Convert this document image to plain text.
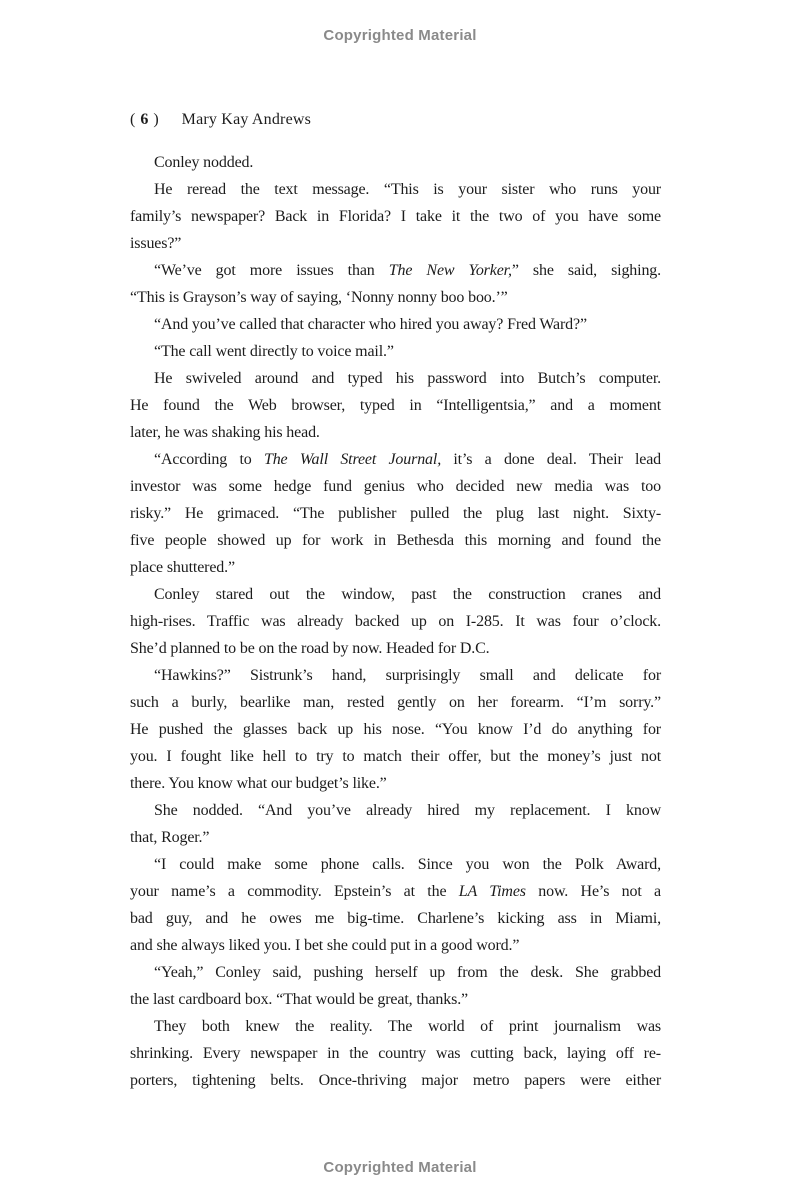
Copyrighted Material
( 6 ) Mary Kay Andrews
Conley nodded.
He reread the text message. “This is your sister who runs your
family’s newspaper? Back in Florida? I take it the two of you have some
issues?”
“We’ve got more issues than The New Yorker,” she said, sighing.
“This is Grayson’s way of saying, ‘Nonny nonny boo boo.’”
“And you’ve called that character who hired you away? Fred Ward?”
“The call went directly to voice mail.”
He swiveled around and typed his password into Butch’s computer.
He found the Web browser, typed in “Intelligentsia,” and a moment
later, he was shaking his head.
“According to The Wall Street Journal, it’s a done deal. Their lead
investor was some hedge fund genius who decided new media was too
risky.” He grimaced. “The publisher pulled the plug last night. Sixty-
five people showed up for work in Bethesda this morning and found the
place shuttered.”
Conley stared out the window, past the construction cranes and
high-rises. Traffic was already backed up on I-285. It was four o’clock.
She’d planned to be on the road by now. Headed for D.C.
“Hawkins?” Sistrunk’s hand, surprisingly small and delicate for
such a burly, bearlike man, rested gently on her forearm. “I’m sorry.”
He pushed the glasses back up his nose. “You know I’d do anything for
you. I fought like hell to try to match their offer, but the money’s just not
there. You know what our budget’s like.”
She nodded. “And you’ve already hired my replacement. I know
that, Roger.”
“I could make some phone calls. Since you won the Polk Award,
your name’s a commodity. Epstein’s at the LA Times now. He’s not a
bad guy, and he owes me big-time. Charlene’s kicking ass in Miami,
and she always liked you. I bet she could put in a good word.”
“Yeah,” Conley said, pushing herself up from the desk. She grabbed
the last cardboard box. “That would be great, thanks.”
They both knew the reality. The world of print journalism was
shrinking. Every newspaper in the country was cutting back, laying off re-
porters, tightening belts. Once-thriving major metro papers were either
Copyrighted Material
